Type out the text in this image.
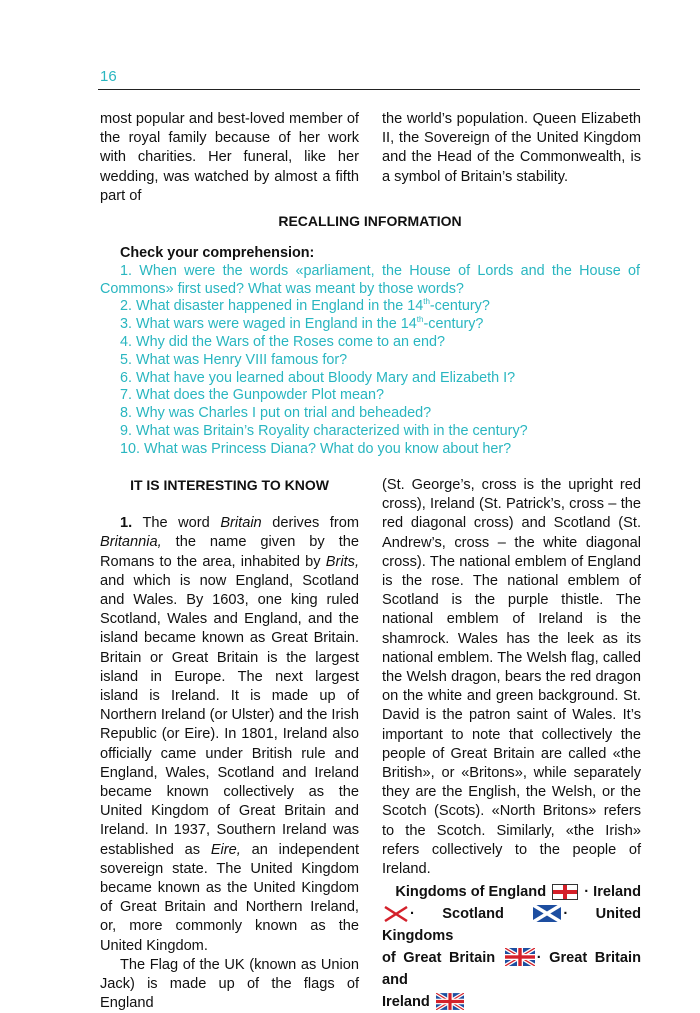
16

most popular and best-loved member of the royal family because of her work with charities. Her funeral, like her wedding, was watched by almost a fifth part of

the world’s population. Queen Elizabeth II, the Sovereign of the United Kingdom and the Head of the Commonwealth, is a symbol of Britain’s stability.

RECALLING INFORMATION
Check your comprehension:
1. When were the words «parliament, the House of Lords and the House of Commons» first used? What was meant by those words?
2. What disaster happened in England in the 14th-century?
3. What wars were waged in England in the 14th-century?
4. Why did the Wars of the Roses come to an end?
5. What was Henry VIII famous for?
6. What have you learned about Bloody Mary and Elizabeth I?
7. What does the Gunpowder Plot mean?
8. Why was Charles I put on trial and beheaded?
9. What was Britain’s Royality characterized with in the century?
10. What was Princess Diana? What do you know about her?

IT IS INTERESTING TO KNOW

1. The word Britain derives from Britannia, the name given by the Romans to the area, inhabited by Brits, and which is now England, Scotland and Wales. By 1603, one king ruled Scotland, Wales and England, and the island became known as Great Britain. Britain or Great Britain is the largest island in Europe. The next largest island is Ireland. It is made up of Northern Ireland (or Ulster) and the Irish Republic (or Eire). In 1801, Ireland also officially came under British rule and England, Wales, Scotland and Ireland became known collectively as the United Kingdom of Great Britain and Ireland. In 1937, Southern Ireland was established as Eire, an independent sovereign state. The United Kingdom became known as the United Kingdom of Great Britain and Northern Ireland, or, more commonly known as the United Kingdom.

The Flag of the UK (known as Union Jack) is made up of the flags of England

(St. George’s, cross is the upright red cross), Ireland (St. Patrick’s, cross – the red diagonal cross) and Scotland (St. Andrew’s, cross – the white diagonal cross). The national emblem of England is the rose. The national emblem of Scotland is the purple thistle. The national emblem of Ireland is the shamrock. Wales has the leek as its national emblem. The Welsh flag, called the Welsh dragon, bears the red dragon on the white and green background. St. David is the patron saint of Wales. It’s important to note that collectively the people of Great Britain are called «the British», or «Britons», while separately they are the English, the Welsh, or the Scotch (Scots). «North Britons» refers to the Scotch. Similarly, «the Irish» refers collectively to the people of Ireland.

Kingdoms of England	· Ireland

· Scotland	· United Kingdoms

of Great Britain	· Great Britain and

Ireland
